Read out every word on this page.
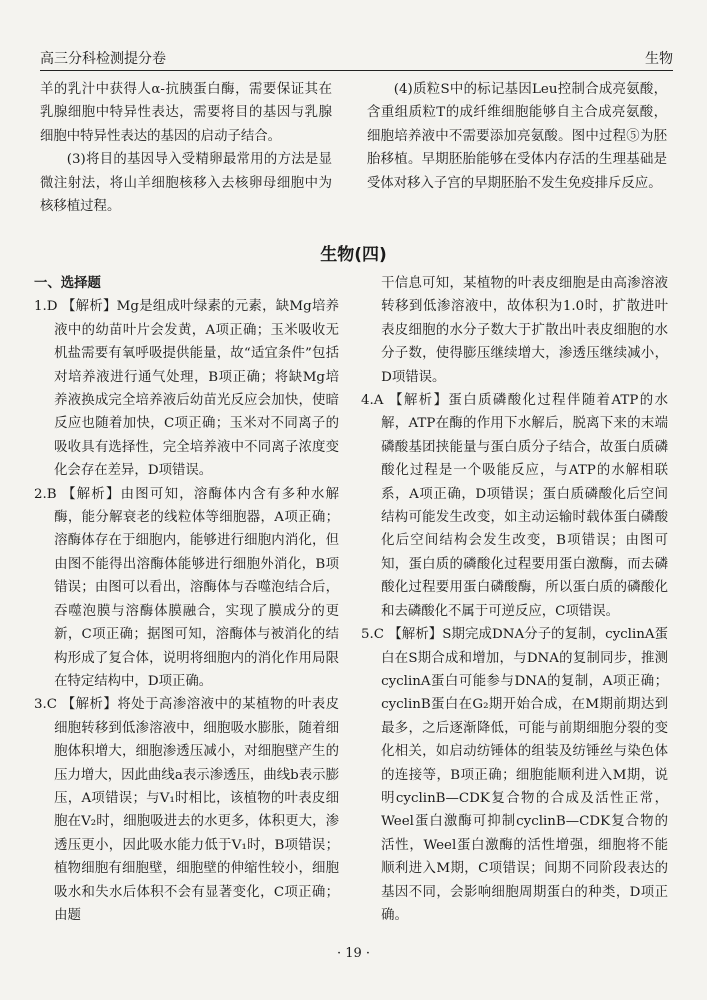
高三分科检测提分卷	生物

羊的乳汁中获得人α-抗胰蛋白酶，需要保证其在乳腺细胞中特异性表达，需要将目的基因与乳腺细胞中特异性表达的基因的启动子结合。

(3)将目的基因导入受精卵最常用的方法是显微注射法，将山羊细胞核移入去核卵母细胞中为核移植过程。

(4)质粒S中的标记基因Leu控制合成亮氨酸，含重组质粒T的成纤维细胞能够自主合成亮氨酸，细胞培养液中不需要添加亮氨酸。图中过程⑤为胚胎移植。早期胚胎能够在受体内存活的生理基础是受体对移入子宫的早期胚胎不发生免疫排斥反应。

生物(四)

一、选择题

1.D 【解析】Mg是组成叶绿素的元素，缺Mg培养液中的幼苗叶片会发黄，A项正确；玉米吸收无机盐需要有氧呼吸提供能量，故“适宜条件”包括对培养液进行通气处理，B项正确；将缺Mg培养液换成完全培养液后幼苗光反应会加快，使暗反应也随着加快，C项正确；玉米对不同离子的吸收具有选择性，完全培养液中不同离子浓度变化会存在差异，D项错误。

2.B 【解析】由图可知，溶酶体内含有多种水解酶，能分解衰老的线粒体等细胞器，A项正确；溶酶体存在于细胞内，能够进行细胞内消化，但由图不能得出溶酶体能够进行细胞外消化，B项错误；由图可以看出，溶酶体与吞噬泡结合后，吞噬泡膜与溶酶体膜融合，实现了膜成分的更新，C项正确；据图可知，溶酶体与被消化的结构形成了复合体，说明将细胞内的消化作用局限在特定结构中，D项正确。

3.C 【解析】将处于高渗溶液中的某植物的叶表皮细胞转移到低渗溶液中，细胞吸水膨胀，随着细胞体积增大，细胞渗透压减小，对细胞壁产生的压力增大，因此曲线a表示渗透压，曲线b表示膨压，A项错误；与V₁时相比，该植物的叶表皮细胞在V₂时，细胞吸进去的水更多，体积更大，渗透压更小，因此吸水能力低于V₁时，B项错误；植物细胞有细胞壁，细胞壁的伸缩性较小，细胞吸水和失水后体积不会有显著变化，C项正确；由题

干信息可知，某植物的叶表皮细胞是由高渗溶液转移到低渗溶液中，故体积为1.0时，扩散进叶表皮细胞的水分子数大于扩散出叶表皮细胞的水分子数，使得膨压继续增大，渗透压继续减小，D项错误。

4.A 【解析】蛋白质磷酸化过程伴随着ATP的水解，ATP在酶的作用下水解后，脱离下来的末端磷酸基团挟能量与蛋白质分子结合，故蛋白质磷酸化过程是一个吸能反应，与ATP的水解相联系，A项正确，D项错误；蛋白质磷酸化后空间结构可能发生改变，如主动运输时载体蛋白磷酸化后空间结构会发生改变，B项错误；由图可知，蛋白质的磷酸化过程要用蛋白激酶，而去磷酸化过程要用蛋白磷酸酶，所以蛋白质的磷酸化和去磷酸化不属于可逆反应，C项错误。

5.C 【解析】S期完成DNA分子的复制，cyclinA蛋白在S期合成和增加，与DNA的复制同步，推测cyclinA蛋白可能参与DNA的复制，A项正确；cyclinB蛋白在G₂期开始合成，在M期前期达到最多，之后逐渐降低，可能与前期细胞分裂的变化相关，如启动纺锤体的组装及纺锤丝与染色体的连接等，B项正确；细胞能顺利进入M期，说明cyclinB—CDK复合物的合成及活性正常，Weel蛋白激酶可抑制cyclinB—CDK复合物的活性，Weel蛋白激酶的活性增强，细胞将不能顺利进入M期，C项错误；间期不同阶段表达的基因不同，会影响细胞周期蛋白的种类，D项正确。

· 19 ·
